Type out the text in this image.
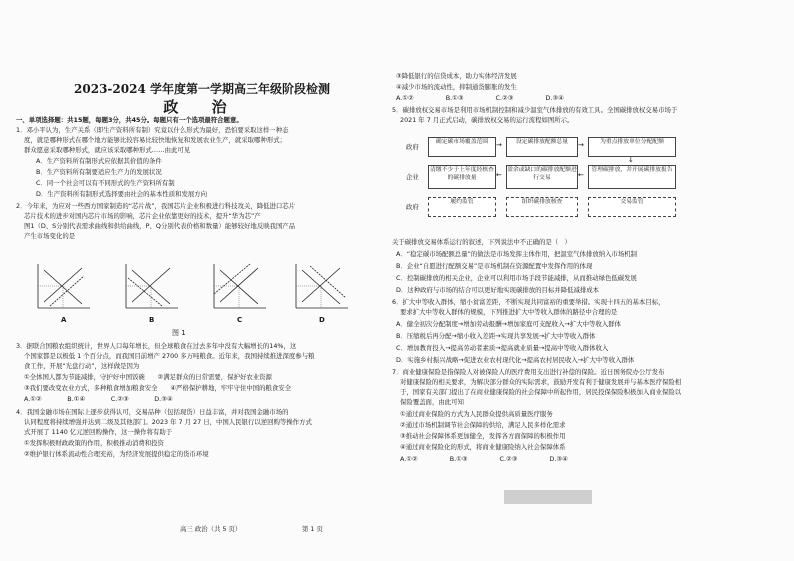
2023-2024 学年度第一学期高三年级阶段检测
政 治
一、单项选择题：共15题，每题3分，共45分。每题只有一个选项最符合题意。
1．邓小平认为，生产关系（即生产资料所有制）究竟以什么形式为最好，恐怕要采取这样一种态
度，就是哪种形式在哪个地方能够比较容易比较快地恢复和发展农业生产，就采取哪种形式；
群众愿意采取哪种形式，就应该采取哪种形式……由此可见
A．生产资料所有制形式应依据其价值的条件
B．生产资料所有制要适应生产力的发展状况
C．同一个社会可以有不同形式的生产资料所有制
D．生产资料所有制形式选择要由社会的基本性质和发展方向
2．今年来，为应对一些西方国家制造的“芯片战”，我国芯片企业积极进行科技攻关，降低进口芯片
芯片技术的进步对国内芯片市场的影响，芯片企业依靠更好的技术，提升“华为芯”产
图1（D、S分别代表需求曲线和供给曲线，P、Q分别代表价格和数量）能够较好地反映我国产品
产生市场变化的是
A	B	C	D
图 1
3．据联合国粮农组织统计，世界人口每年增长，但全球粮食在过去多年中没有大幅增长的14%，这
个国家都是以极低 1 个百分点，而我国目前增产 2700 多万吨粮食。近年来，我国持续推进深度参与粮
食工作，开展“光盘行动”，这样做是因为
①全体国人都为节能减排，守护好中国饭碗　　②满足群众的日常需要，保护好农业资源
③我们要改变农业方式，多种粮食增加粮食安全　　④严格保护耕地，牢牢守住中国的粮食安全
A.①②　　　　B.①④　　　　C.②③　　　　D.③④
4．我国金融市场在国际上逐步获得认可，交易品种（包括现货）日益丰富，并对我国金融市场的
认同程度将持续增强并达到二级及其他部门。2023 年 7 月 27 日，中国人民银行以逆回购等操作方式
式开展了 1140 亿元逆回购操作，这一操作将有助于
①发挥积极财政政策的作用，积极推动消费和投资
②维护银行体系流动性合理充裕，为经济发展提供稳定的货币环境
高三 政治（共 5 页）
③降低银行的信贷成本，助力实体经济发展
④减少市场的流动性，抑制通货膨胀的发生
A.①②　　　　　B.①③　　　　　C.②③　　　　　D.③④
5．碳排放权交易市场是利用市场机制控制和减少温室气体排放的有效工具。全国碳排放权交易市场于
2021 年 7 月正式启动，碳排放权交易的运行流程如图所示。
政府
确定碳市场覆盖范围	→	设定碳排放配额总量	→	为重点排放单位分配配额
↓
企业
清缴不少于上年度经核查的碳排放量	←
盈余或缺口的碳排放配额进行交易	←
管理碳排放，并开展碳排放报告
政府
履约监管	组织碳排放核查	交易监管
关于碳排放交易体系运行的叙述，下列说法中不正确的是（　）
A．“稳定碳市场配额总量”的做法是市场发挥主体作用，把温室气体排放纳入市场机制
B．企业“自愿进行配额交易”是市场机制在资源配置中发挥作用的体现
C．控制碳排放的相关企业，企业可以利用市场手段节能减排，从而推动绿色低碳发展
D．这种政府与市场的结合可以更好地实现碳排放的目标并降低减排成本
6．扩大中等收入群体，缩小贫富差距，不断实现共同富裕的重要举措。实现十四五的基本目标，
要求扩大中等收入群体的规模，下列推进扩大中等收入群体的路径中合理的是
A．健全初次分配制度→增加劳动报酬→增加家庭可支配收入→扩大中等收入群体
B．压缩税后再分配→缩小收入差距→实现共享发展→扩大中等收入群体
C．增加教育投入→提高劳动者素质→提高就业质量→提高中等收入群体收入
D．实施乡村振兴战略→促进农业农村现代化→提高农村居民收入→扩大中等收入群体
7．商业健康保险是指保险人对被保险人的医疗费用支出进行补偿的保险。近日国务院办公厅发布
对健康保险的相关要求，为解决部分群众的实际需求，鼓励开发有利于健康发展并与基本医疗保险相
于，国家有关部门提出了在商业健康保险的社会保障中所起作用，居民投保保险积极加入商业保险以
保险覆盖面，由此可知
①通过商业保险的方式为人民群众提供高质量医疗服务
②通过市场机制调节社会保障的供给，满足人民多样化需求
③推动社会保障体系更加健全，发挥各方面保障的积极作用
④通过商业保险化的形式，将商业健康险纳入社会保障体系
A.①②　　　　　B.①③　　　　　C.②③　　　　　D.③④
第 1 页
